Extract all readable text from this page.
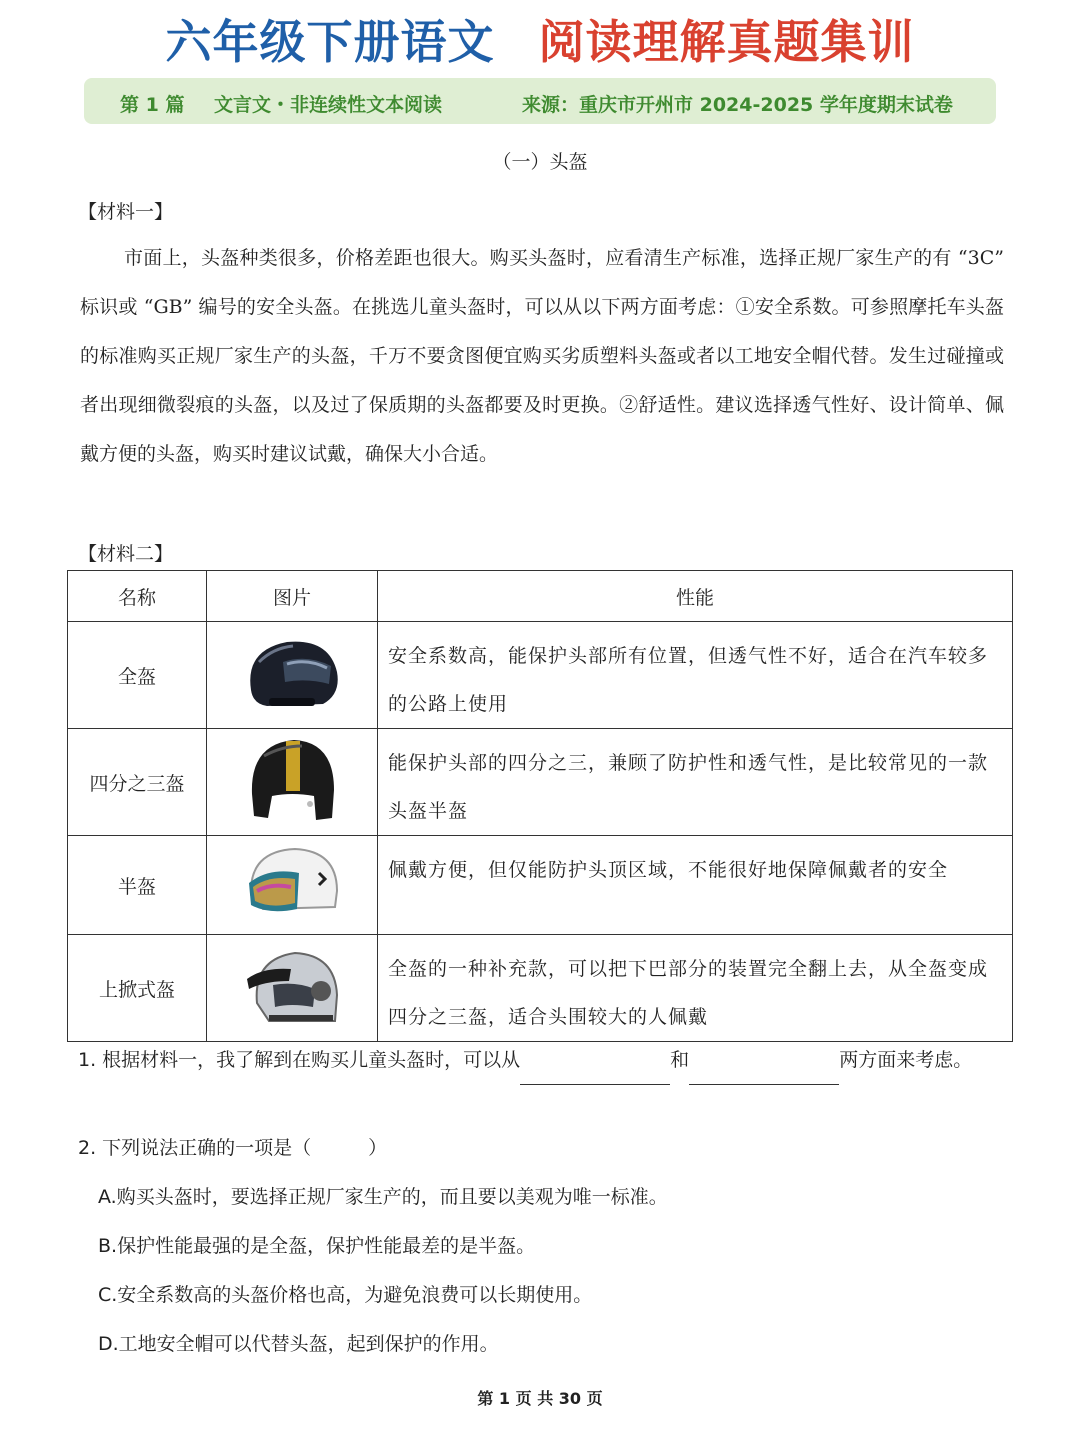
六年级下册语文 阅读理解真题集训
第 1 篇 文言文・非连续性文本阅读	来源：重庆市开州市 2024-2025 学年度期末试卷
（一）头盔
【材料一】
市面上，头盔种类很多，价格差距也很大。购买头盔时，应看清生产标准，选择正规厂家生产的有 “3C” 标识或 “GB” 编号的安全头盔。在挑选儿童头盔时，可以从以下两方面考虑：①安全系数。可参照摩托车头盔的标准购买正规厂家生产的头盔，千万不要贪图便宜购买劣质塑料头盔或者以工地安全帽代替。发生过碰撞或者出现细微裂痕的头盔，以及过了保质期的头盔都要及时更换。②舒适性。建议选择透气性好、设计简单、佩戴方便的头盔，购买时建议试戴，确保大小合适。
【材料二】
名称	图片	性能
全盔		安全系数高，能保护头部所有位置，但透气性不好，适合在汽车较多的公路上使用
四分之三盔		能保护头部的四分之三，兼顾了防护性和透气性，是比较常见的一款头盔半盔
半盔		佩戴方便，但仅能防护头顶区域，不能很好地保障佩戴者的安全
上掀式盔		全盔的一种补充款，可以把下巴部分的装置完全翻上去，从全盔变成四分之三盔，适合头围较大的人佩戴
1. 根据材料一，我了解到在购买儿童头盔时，可以从	和	两方面来考虑。
2. 下列说法正确的一项是（　　　）
A.购买头盔时，要选择正规厂家生产的，而且要以美观为唯一标准。
B.保护性能最强的是全盔，保护性能最差的是半盔。
C.安全系数高的头盔价格也高，为避免浪费可以长期使用。
D.工地安全帽可以代替头盔，起到保护的作用。
第 1 页 共 30 页
